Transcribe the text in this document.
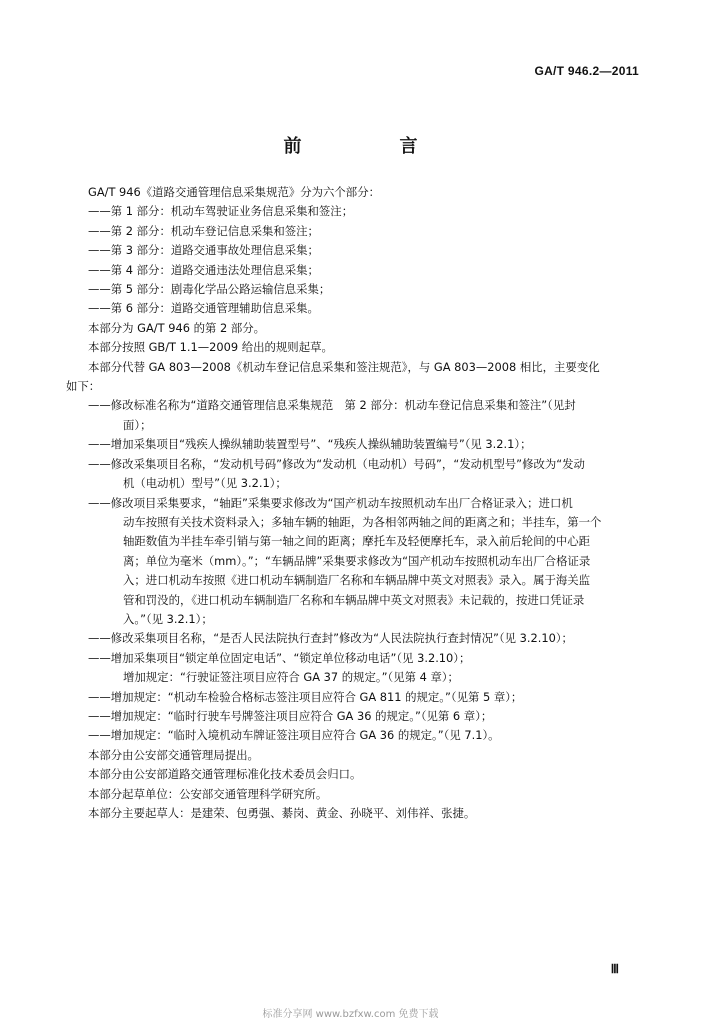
GA/T 946.2—2011
前　言

GA/T 946《道路交通管理信息采集规范》分为六个部分：

——第 1 部分：机动车驾驶证业务信息采集和签注；

——第 2 部分：机动车登记信息采集和签注；

——第 3 部分：道路交通事故处理信息采集；

——第 4 部分：道路交通违法处理信息采集；

——第 5 部分：剧毒化学品公路运输信息采集；

——第 6 部分：道路交通管理辅助信息采集。

本部分为 GA/T 946 的第 2 部分。

本部分按照 GB/T 1.1—2009 给出的规则起草。

本部分代替 GA 803—2008《机动车登记信息采集和签注规范》，与 GA 803—2008 相比，主要变化

如下：

——修改标准名称为“道路交通管理信息采集规范　第 2 部分：机动车登记信息采集和签注”（见封

面）；

——增加采集项目“残疾人操纵辅助装置型号”、“残疾人操纵辅助装置编号”（见 3.2.1）；

——修改采集项目名称，“发动机号码”修改为“发动机（电动机）号码”，“发动机型号”修改为“发动

机（电动机）型号”（见 3.2.1）；

——修改项目采集要求，“轴距”采集要求修改为“国产机动车按照机动车出厂合格证录入；进口机

动车按照有关技术资料录入；多轴车辆的轴距，为各相邻两轴之间的距离之和；半挂车，第一个

轴距数值为半挂车牵引销与第一轴之间的距离；摩托车及轻便摩托车，录入前后轮间的中心距

离；单位为毫米（mm）。”；“车辆品牌”采集要求修改为“国产机动车按照机动车出厂合格证录

入；进口机动车按照《进口机动车辆制造厂名称和车辆品牌中英文对照表》录入。属于海关监

管和罚没的，《进口机动车辆制造厂名称和车辆品牌中英文对照表》未记载的，按进口凭证录

入。”（见 3.2.1）；

——修改采集项目名称，“是否人民法院执行查封”修改为“人民法院执行查封情况”（见 3.2.10）；

——增加采集项目“锁定单位固定电话”、“锁定单位移动电话”（见 3.2.10）；

增加规定：“行驶证签注项目应符合 GA 37 的规定。”（见第 4 章）；

——增加规定：“机动车检验合格标志签注项目应符合 GA 811 的规定。”（见第 5 章）；

——增加规定：“临时行驶车号牌签注项目应符合 GA 36 的规定。”（见第 6 章）；

——增加规定：“临时入境机动车牌证签注项目应符合 GA 36 的规定。”（见 7.1）。

本部分由公安部交通管理局提出。

本部分由公安部道路交通管理标准化技术委员会归口。

本部分起草单位：公安部交通管理科学研究所。

本部分主要起草人：是建荣、包勇强、綦岗、黄金、孙晓平、刘伟祥、张捷。

Ⅲ
标准分享网 www.bzfxw.com 免费下载
